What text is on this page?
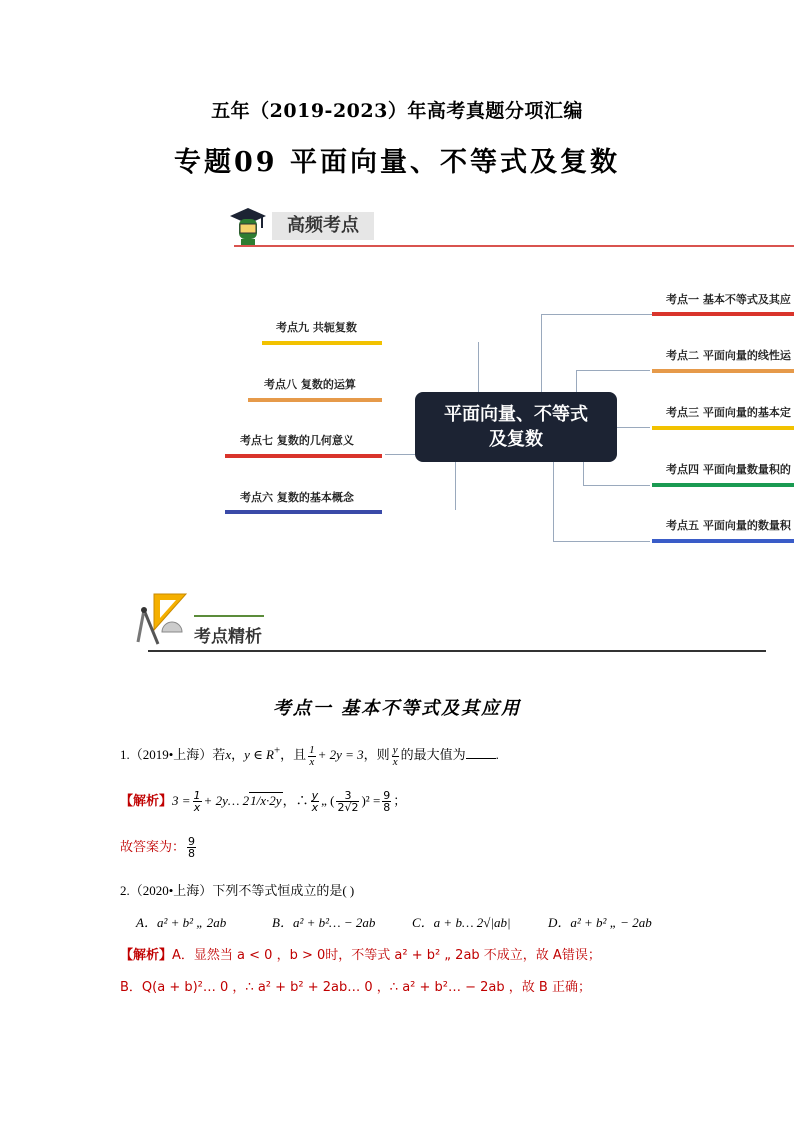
五年（2019-2023）年高考真题分项汇编
专题09 平面向量、不等式及复数
高频考点
考点九 共轭复数
考点八 复数的运算
考点七 复数的几何意义
考点六 复数的基本概念
考点一 基本不等式及其应
考点二 平面向量的线性运
考点三 平面向量的基本定
考点四 平面向量数量积的
考点五 平面向量的数量积
平面向量、不等式
及复数
考点精析
考点一 基本不等式及其应用
1.（2019•上海）若x，y ∈ R+，且 $\frac{1}{x} + 2y = 3$，则 $\frac{y}{x}$ 的最大值为 .
【解析】$3 = \frac{1}{x}$ + 2y… 21/x·2y，∴ $\frac{y}{x}$ „ ( $\frac{3}{2√2} )^2 = \frac{9}{8}$ ；
故答案为： $\frac{9}{8}$
2.（2020•上海）下列不等式恒成立的是( )
A．a² + b² „ 2ab	B．a² + b²… − 2ab	C．a + b… 2√|ab|	D．a² + b² „ − 2ab
【解析】A．显然当 a < 0 ，b > 0时，不等式 a² + b² „ 2ab 不成立，故 A错误；
B．Q(a + b)²… 0 ，∴ a² + b² + 2ab… 0 ，∴ a² + b²… − 2ab ，故 B 正确；
